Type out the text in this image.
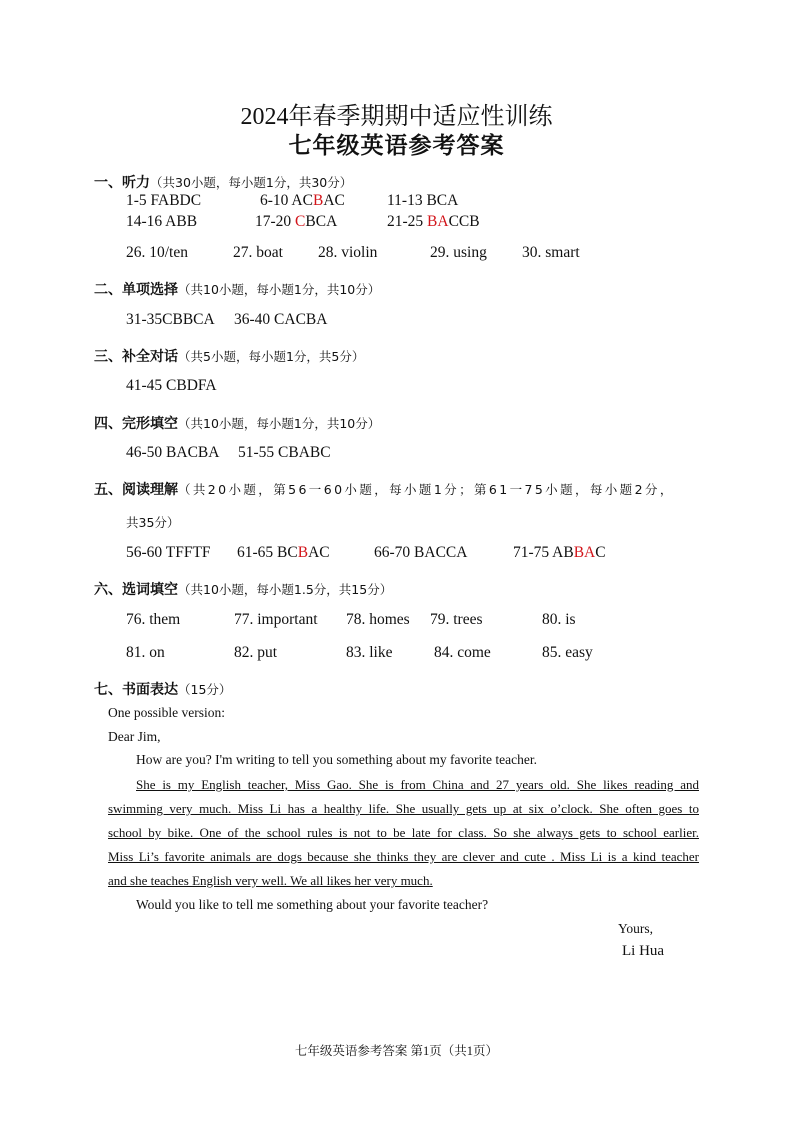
2024年春季期期中适应性训练
七年级英语参考答案
一、听力（共30小题，每小题1分，共30分）
1-5 FABDC	6-10 ACBAC	11-13 BCA
14-16 ABB	17-20 CBCA	21-25 BACCB
26. 10/ten	27. boat 28. violin	29. using 30. smart
二、单项选择（共10小题，每小题1分，共10分）
31-35CBBCA 36-40 CACBA
三、补全对话（共5小题，每小题1分，共5分）
41-45 CBDFA
四、完形填空（共10小题，每小题1分，共10分）
46-50 BACBA 51-55 CBABC
五、阅读理解（共20小题，第56一60小题，每小题1分；第61一75小题，每小题2分，
共35分）
56-60 TFFTF 61-65 BCBAC	66-70 BACCA	71-75 ABBAC
六、选词填空（共10小题，每小题1.5分，共15分）
76. them	77. important 78. homes 79. trees	80. is
81. on	82. put	83. like	84. come	85. easy
七、书面表达（15分）
One possible version:
Dear Jim,
How are you? I'm writing to tell you something about my favorite teacher.
She is my English teacher, Miss Gao. She is from China and 27 years old. She likes reading and
swimming very much. Miss Li has a healthy life. She usually gets up at six o’clock. She often goes to
school by bike. One of the school rules is not to be late for class. So she always gets to school earlier.
Miss Li’s favorite animals are dogs because she thinks they are clever and cute . Miss Li is a kind teacher
and she teaches English very well. We all likes her very much.
Would you like to tell me something about your favorite teacher?
Yours,
Li Hua
七年级英语参考答案 第1页（共1页）
